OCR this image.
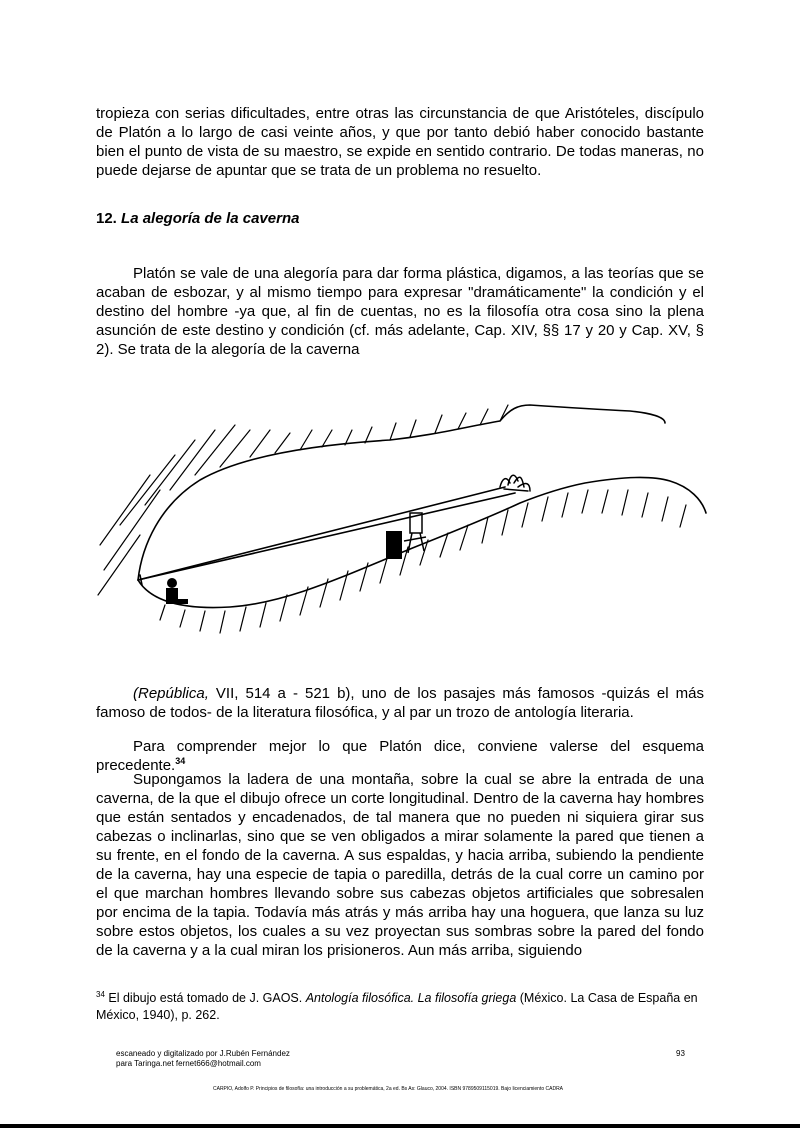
tropieza con serias dificultades, entre otras las circunstancia de que Aristóteles, discípulo de Platón a lo largo de casi veinte años, y que por tanto debió haber conocido bastante bien el punto de vista de su maestro, se expide en sentido contrario. De todas maneras, no puede dejarse de apuntar que se trata de un problema no resuelto.

12. La alegoría de la caverna

Platón se vale de una alegoría para dar forma plástica, digamos, a las teorías que se acaban de esbozar, y al mismo tiempo para expresar "dramáticamente" la condición y el destino del hombre -ya que, al fin de cuentas, no es la filosofía otra cosa sino la plena asunción de este destino y condición (cf. más adelante, Cap. XIV, §§ 17 y 20 y Cap. XV, § 2). Se trata de la alegoría de la caverna

(República, VII, 514 a - 521 b), uno de los pasajes más famosos -quizás el más famoso de todos- de la literatura filosófica, y al par un trozo de antología literaria.

Para comprender mejor lo que Platón dice, conviene valerse del esquema precedente.$^{34}$

Supongamos la ladera de una montaña, sobre la cual se abre la entrada de una caverna, de la que el dibujo ofrece un corte longitudinal. Dentro de la caverna hay hombres que están sentados y encadenados, de tal manera que no pueden ni siquiera girar sus cabezas o inclinarlas, sino que se ven obligados a mirar solamente la pared que tienen a su frente, en el fondo de la caverna. A sus espaldas, y hacia arriba, subiendo la pendiente de la caverna, hay una especie de tapia o paredilla, detrás de la cual corre un camino por el que marchan hombres llevando sobre sus cabezas objetos artificiales que sobresalen por encima de la tapia. Todavía más atrás y más arriba hay una hoguera, que lanza su luz sobre estos objetos, los cuales a su vez proyectan sus sombras sobre la pared del fondo de la caverna y a la cual miran los prisioneros. Aun más arriba, siguiendo

$^{34}$ El dibujo está tomado de J. GAOS. Antología filosófica. La filosofía griega (México. La Casa de España en México, 1940), p. 262.
escaneado y digitalizado por J.Rubén Fernández
para Taringa.net fernet666@hotmail.com
93
CARPIO, Adolfo P. Principios de filosofía: una introducción a su problemática, 2a ed. Bs As: Glauco, 2004. ISBN 9789509115019. Bajo licenciamiento CADRA
